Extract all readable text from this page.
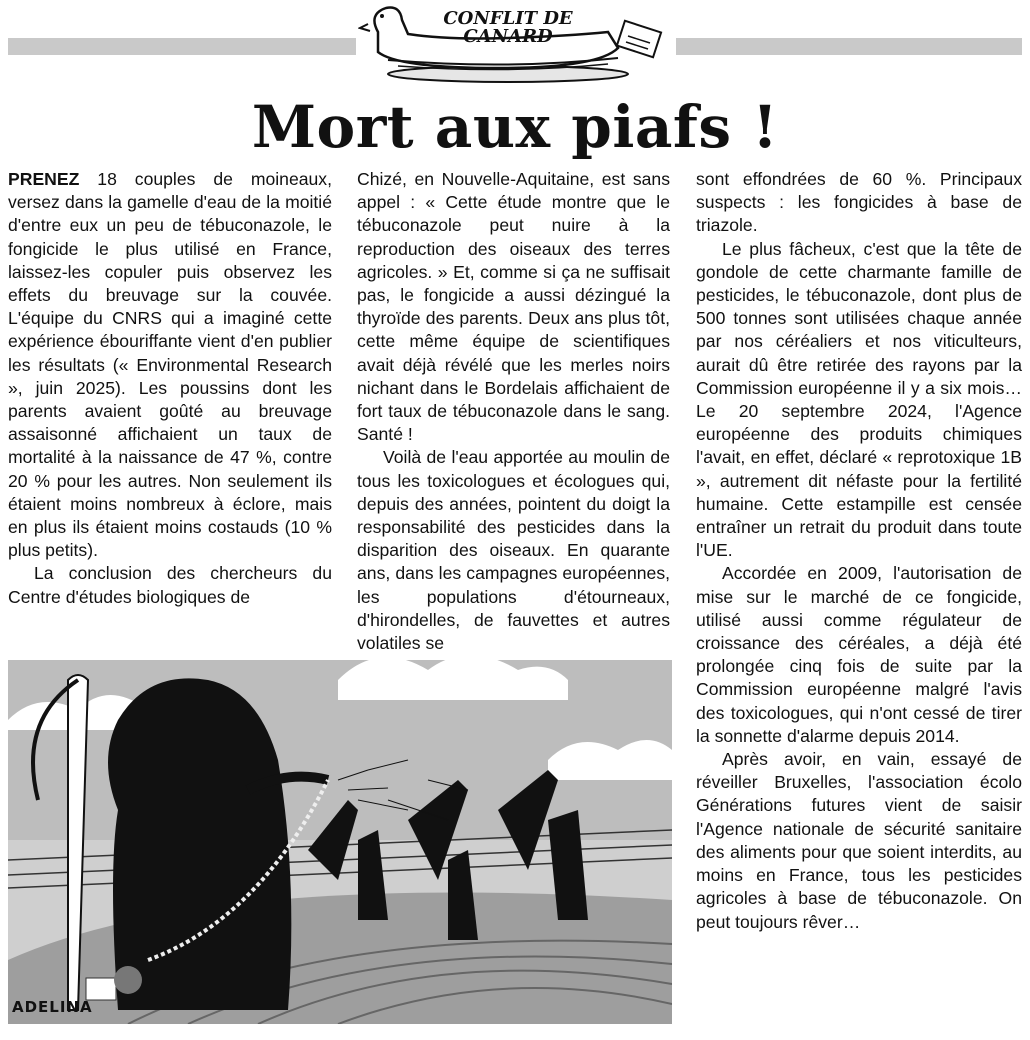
CONFLIT DE
CANARD
Mort aux piafs !

PRENEZ 18 couples de moineaux, versez dans la gamelle d'eau de la moitié d'entre eux un peu de tébuconazole, le fongicide le plus utilisé en France, laissez-les copuler puis observez les effets du breuvage sur la couvée. L'équipe du CNRS qui a imaginé cette expérience ébouriffante vient d'en publier les résultats (« Environmental Research », juin 2025). Les poussins dont les parents avaient goûté au breuvage assaisonné affichaient un taux de mortalité à la naissance de 47 %, contre 20 % pour les autres. Non seulement ils étaient moins nombreux à éclore, mais en plus ils étaient moins costauds (10 % plus petits).

La conclusion des chercheurs du Centre d'études biologiques de

Chizé, en Nouvelle-Aquitaine, est sans appel : « Cette étude montre que le tébuconazole peut nuire à la reproduction des oiseaux des terres agricoles. » Et, comme si ça ne suffisait pas, le fongicide a aussi dézingué la thyroïde des parents. Deux ans plus tôt, cette même équipe de scientifiques avait déjà révélé que les merles noirs nichant dans le Bordelais affichaient de fort taux de tébuconazole dans le sang. Santé !

Voilà de l'eau apportée au moulin de tous les toxicologues et écologues qui, depuis des années, pointent du doigt la responsabilité des pesticides dans la disparition des oiseaux. En quarante ans, dans les campagnes européennes, les populations d'étourneaux, d'hirondelles, de fauvettes et autres volatiles se

sont effondrées de 60 %. Principaux suspects : les fongicides à base de triazole.

Le plus fâcheux, c'est que la tête de gondole de cette charmante famille de pesticides, le tébuconazole, dont plus de 500 tonnes sont utilisées chaque année par nos céréaliers et nos viticulteurs, aurait dû être retirée des rayons par la Commission européenne il y a six mois… Le 20 septembre 2024, l'Agence européenne des produits chimiques l'avait, en effet, déclaré « reprotoxique 1B », autrement dit néfaste pour la fertilité humaine. Cette estampille est censée entraîner un retrait du produit dans toute l'UE.

Accordée en 2009, l'autorisation de mise sur le marché de ce fongicide, utilisé aussi comme régulateur de croissance des céréales, a déjà été prolongée cinq fois de suite par la Commission européenne malgré l'avis des toxicologues, qui n'ont cessé de tirer la sonnette d'alarme depuis 2014.

Après avoir, en vain, essayé de réveiller Bruxelles, l'association écolo Générations futures vient de saisir l'Agence nationale de sécurité sanitaire des aliments pour que soient interdits, au moins en France, tous les pesticides agricoles à base de tébuconazole. On peut toujours rêver…

ADELINA
